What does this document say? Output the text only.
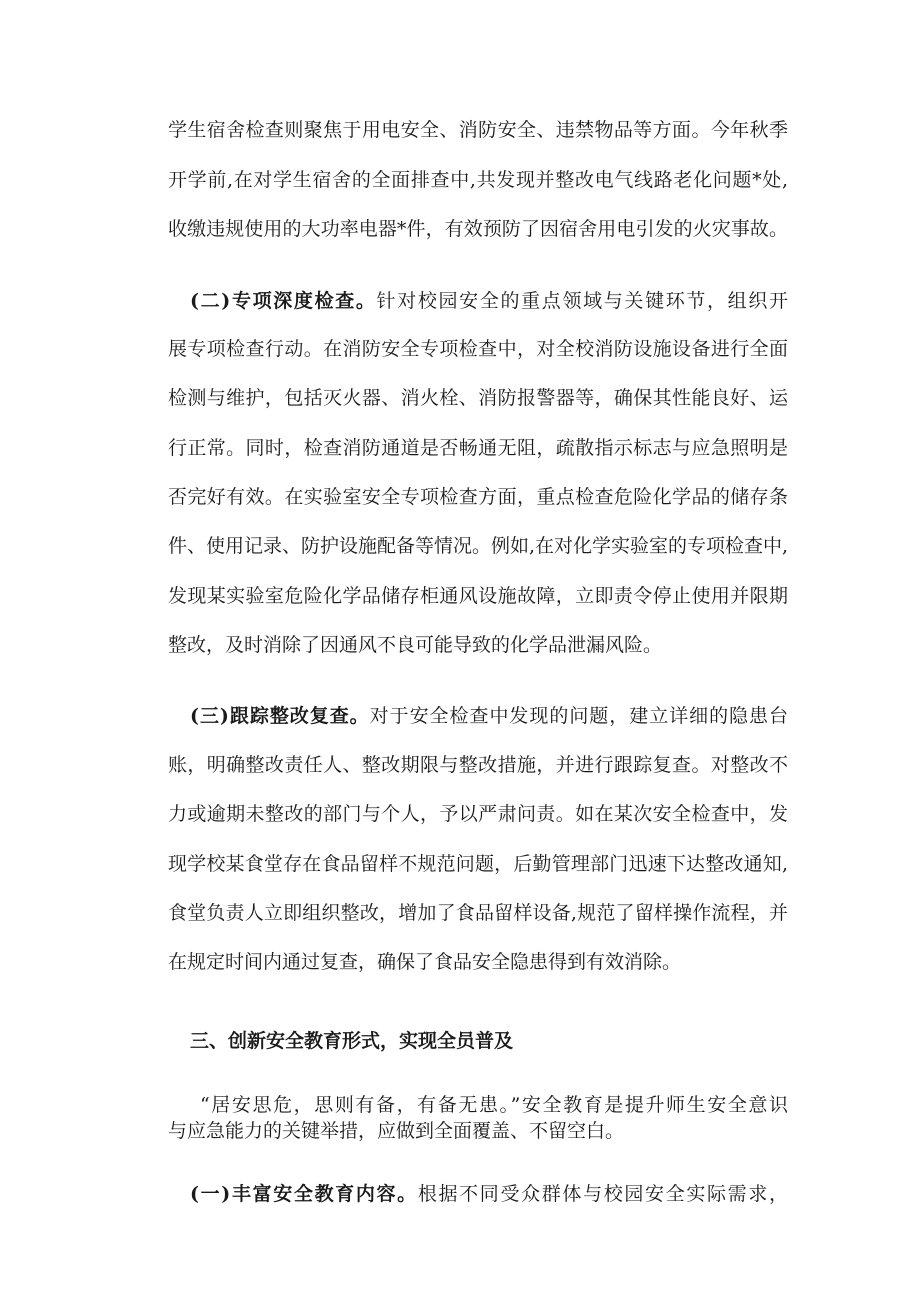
学生宿舍检查则聚焦于用电安全、消防安全、违禁物品等方面。今年秋季
开学前,在对学生宿舍的全面排查中,共发现并整改电气线路老化问题*处,
收缴违规使用的大功率电器*件，有效预防了因宿舍用电引发的火灾事故。
(二)专项深度检查。针对校园安全的重点领域与关键环节，组织开
展专项检查行动。在消防安全专项检查中，对全校消防设施设备进行全面
检测与维护，包括灭火器、消火栓、消防报警器等，确保其性能良好、运
行正常。同时，检查消防通道是否畅通无阻，疏散指示标志与应急照明是
否完好有效。在实验室安全专项检查方面，重点检查危险化学品的储存条
件、使用记录、防护设施配备等情况。例如,在对化学实验室的专项检查中,
发现某实验室危险化学品储存柜通风设施故障，立即责令停止使用并限期
整改，及时消除了因通风不良可能导致的化学品泄漏风险。
(三)跟踪整改复查。对于安全检查中发现的问题，建立详细的隐患台
账，明确整改责任人、整改期限与整改措施，并进行跟踪复查。对整改不
力或逾期未整改的部门与个人，予以严肃问责。如在某次安全检查中，发
现学校某食堂存在食品留样不规范问题，后勤管理部门迅速下达整改通知,
食堂负责人立即组织整改，增加了食品留样设备,规范了留样操作流程，并
在规定时间内通过复查，确保了食品安全隐患得到有效消除。
三、创新安全教育形式，实现全员普及
“居安思危，思则有备，有备无患。”安全教育是提升师生安全意识
与应急能力的关键举措，应做到全面覆盖、不留空白。
(一)丰富安全教育内容。根据不同受众群体与校园安全实际需求，
